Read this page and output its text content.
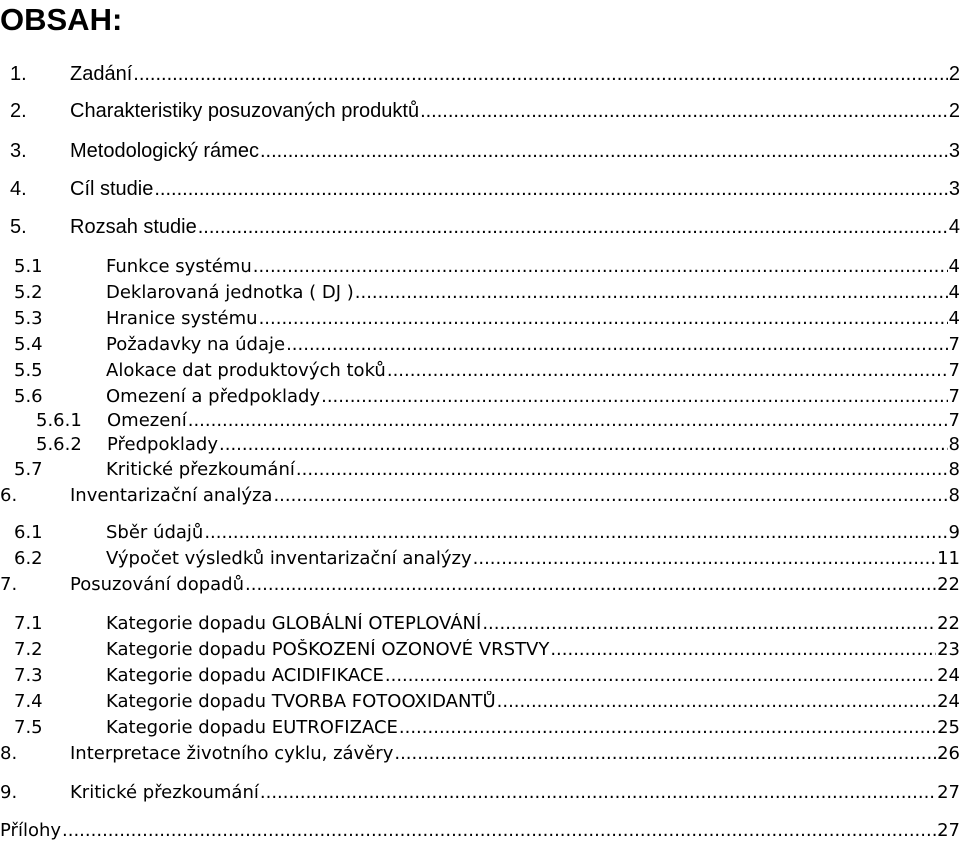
OBSAH:
1. Zadání .....	2
2. Charakteristiky posuzovaných produktů .....	2
3. Metodologický rámec .....	3
4. Cíl studie .....	3
5. Rozsah studie .....	4
5.1	Funkce systému .....	4
5.2	Deklarovaná jednotka ( DJ ) .....	4
5.3	Hranice systému .....	4
5.4	Požadavky na údaje .....	7
5.5	Alokace dat produktových toků .....	7
5.6	Omezení a předpoklady .....	7
5.6.1 Omezení .....	7
5.6.2 Předpoklady .....	8
5.7	Kritické přezkoumání .....	8
6.	Inventarizační analýza .....	8
6.1	Sběr údajů .....	9
6.2	Výpočet výsledků inventarizační analýzy .....	11
7.	Posuzování dopadů .....	22
7.1	Kategorie dopadu GLOBÁLNÍ OTEPLOVÁNÍ .....	22
7.2	Kategorie dopadu POŠKOZENÍ OZONOVÉ VRSTVY .....	23
7.3	Kategorie dopadu ACIDIFIKACE .....	24
7.4	Kategorie dopadu TVORBA FOTOOXIDANTŮ .....	24
7.5	Kategorie dopadu EUTROFIZACE .....	25
8.	Interpretace životního cyklu, závěry .....	26
9.	Kritické přezkoumání .....	27
Přílohy .....	27
